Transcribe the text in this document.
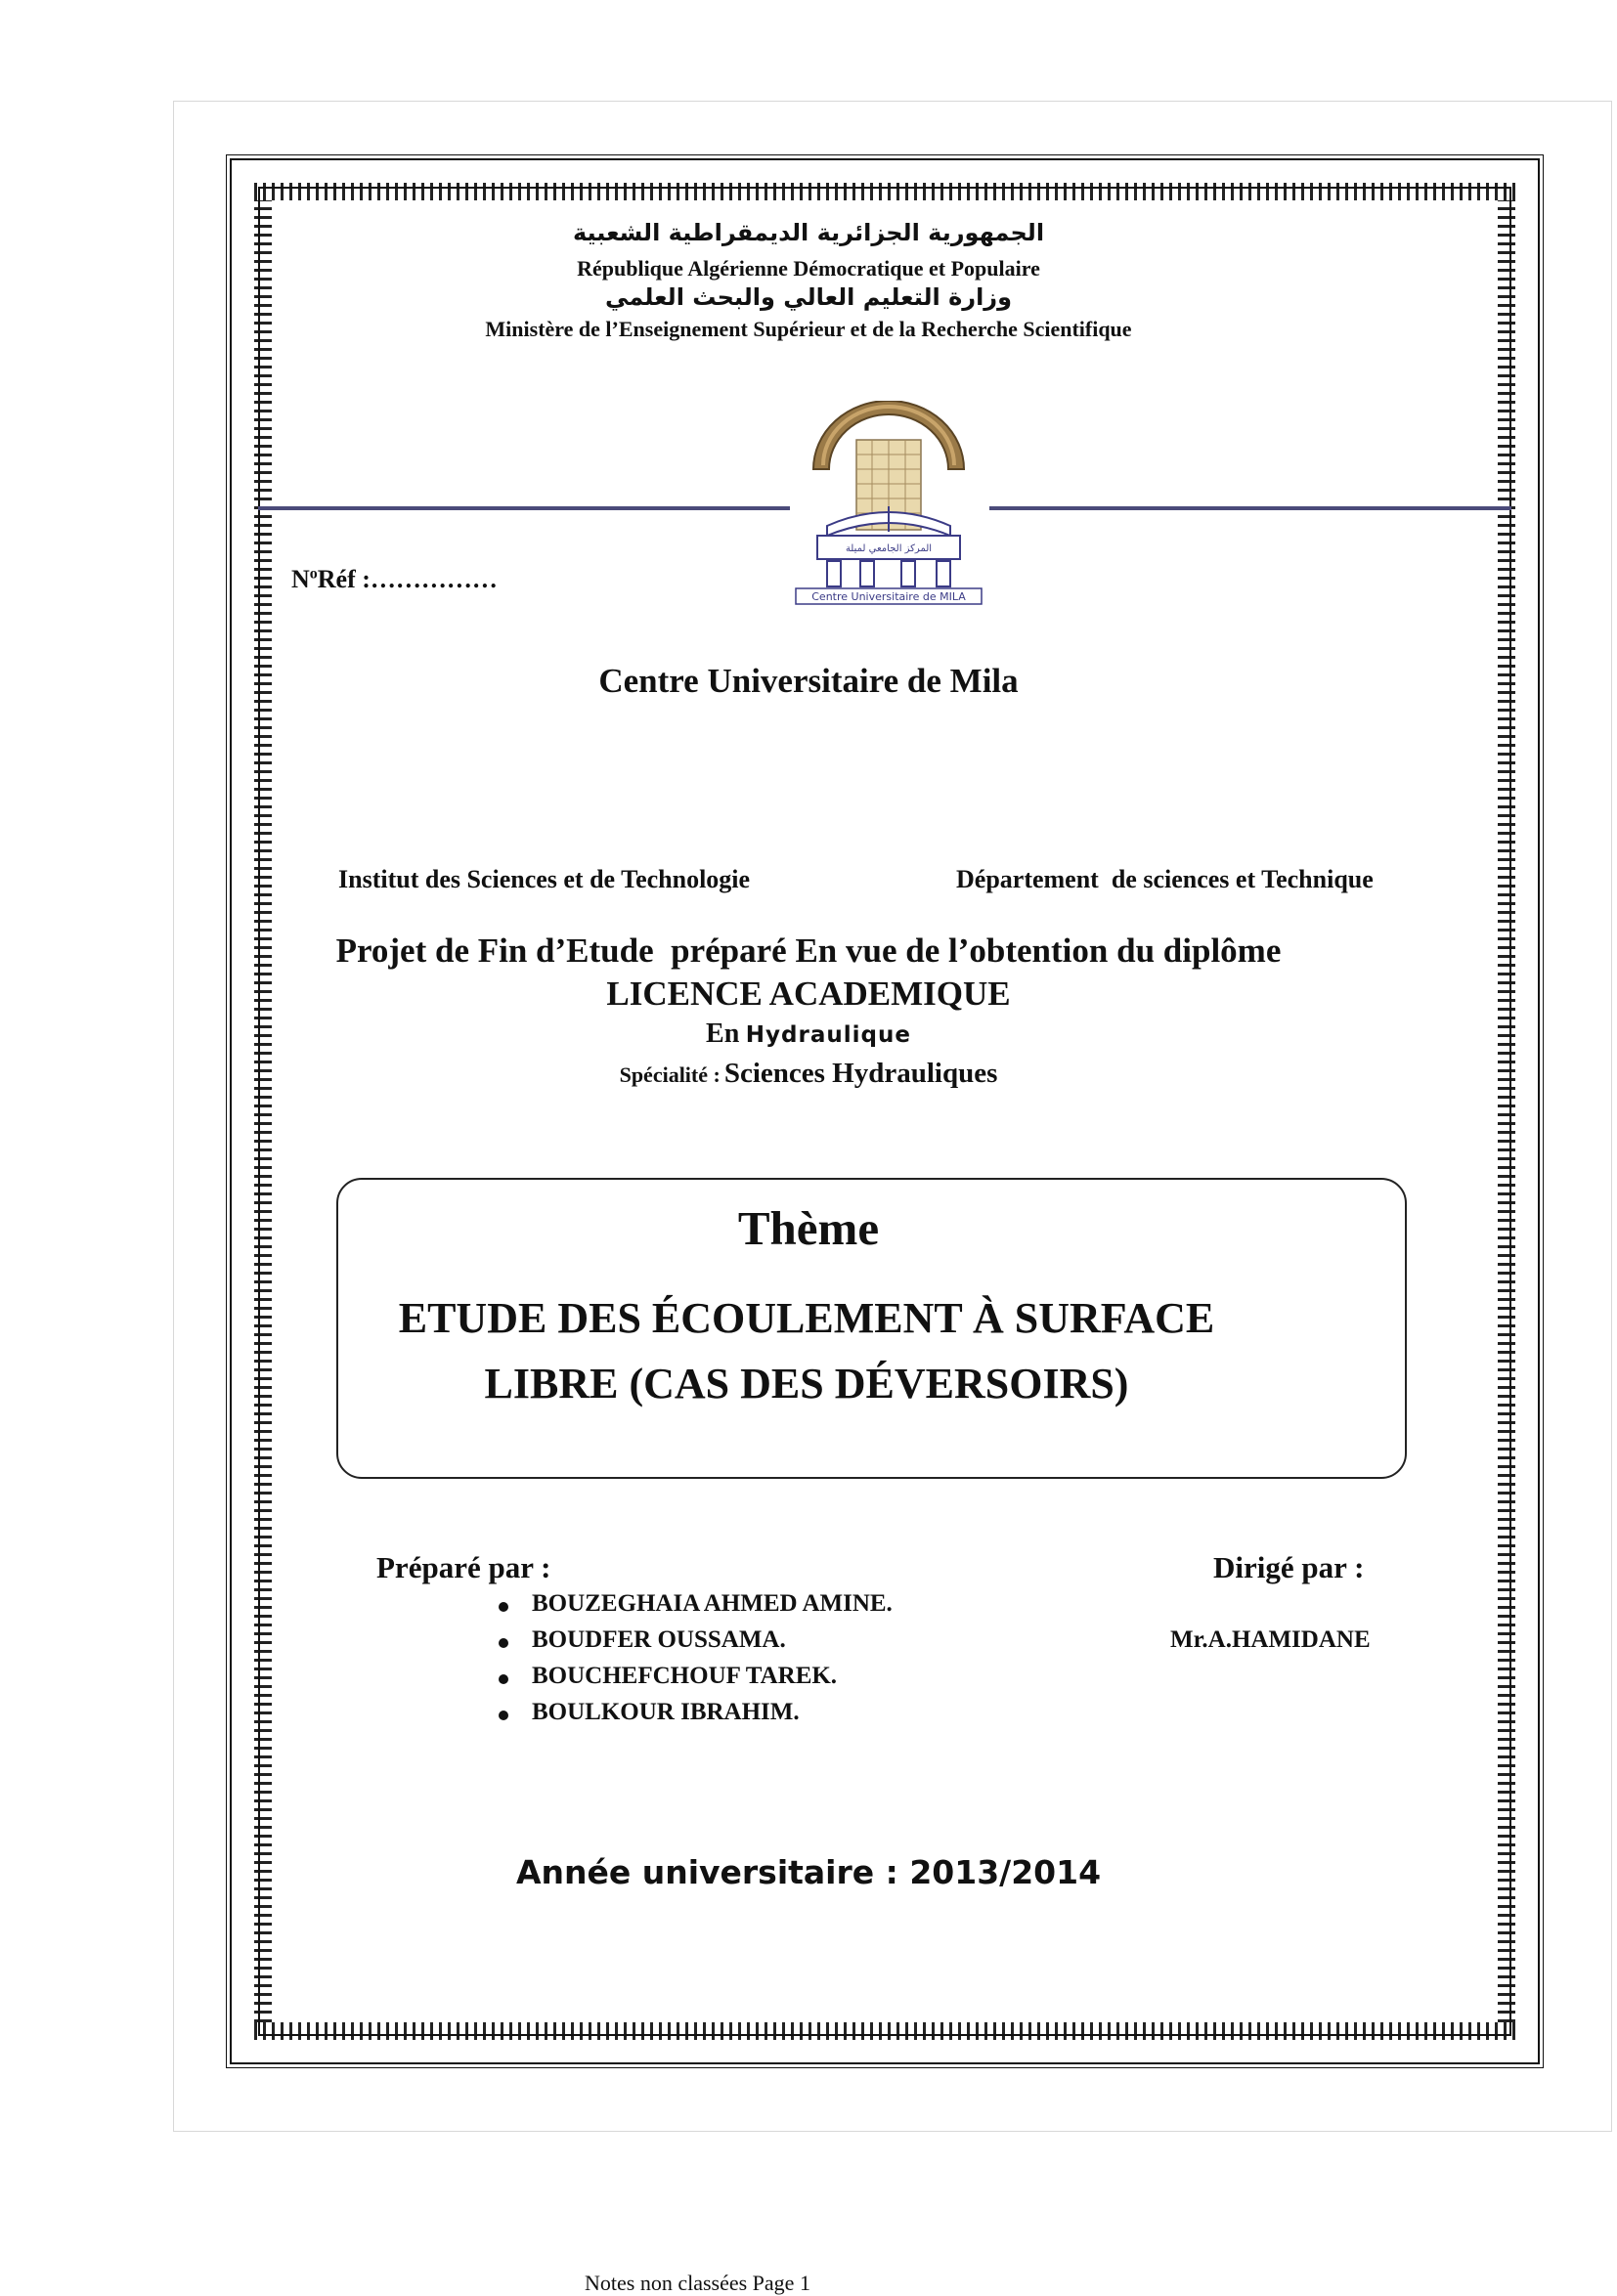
الجمهورية الجزائرية الديمقراطية الشعبية
République Algérienne Démocratique et Populaire
وزارة التعليم العالي والبحث العلمي
Ministère de l’Enseignement Supérieur et de la Recherche Scientifique
المركز الجامعي لميلة
Centre Universitaire de MILA
$N^oRéf$ :……………
Centre Universitaire de Mila
Institut des Sciences et de Technologie	Département  de sciences et Technique
Projet de Fin d’Etude  préparé En vue de l’obtention du diplôme
LICENCE ACADEMIQUE
En Hydraulique
Spécialité : Sciences Hydrauliques
Thème
ETUDE DES ÉCOULEMENT À SURFACE
LIBRE (CAS DES DÉVERSOIRS)
Préparé par :
BOUZEGHAIA AHMED AMINE.
BOUDFER OUSSAMA.
BOUCHEFCHOUF TAREK.
BOULKOUR IBRAHIM.
Dirigé par :
Mr.A.HAMIDANE
Année universitaire : 2013/2014
Notes non classées Page 1
